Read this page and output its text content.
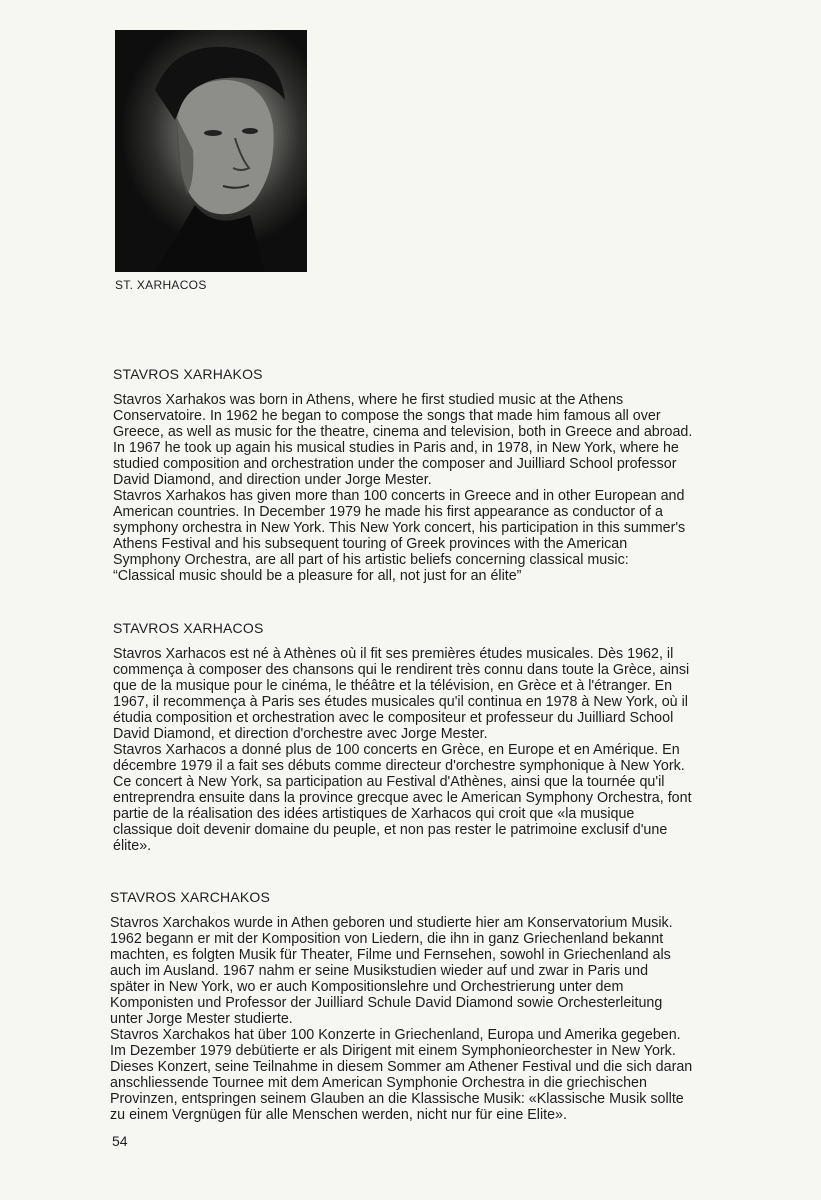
ST. XARHACOS
STAVROS XARHAKOS

Stavros Xarhakos was born in Athens, where he first studied music at the Athens
Conservatoire. In 1962 he began to compose the songs that made him famous all over
Greece, as well as music for the theatre, cinema and television, both in Greece and abroad.
In 1967 he took up again his musical studies in Paris and, in 1978, in New York, where he
studied composition and orchestration under the composer and Juilliard School professor
David Diamond, and direction under Jorge Mester.

Stavros Xarhakos has given more than 100 concerts in Greece and in other European and
American countries. In December 1979 he made his first appearance as conductor of a
symphony orchestra in New York. This New York concert, his participation in this summer's
Athens Festival and his subsequent touring of Greek provinces with the American
Symphony Orchestra, are all part of his artistic beliefs concerning classical music:
“Classical music should be a pleasure for all, not just for an élite”

STAVROS XARHACOS

Stavros Xarhacos est né à Athènes où il fit ses premières études musicales. Dès 1962, il
commença à composer des chansons qui le rendirent très connu dans toute la Grèce, ainsi
que de la musique pour le cinéma, le théâtre et la télévision, en Grèce et à l'étranger. En
1967, il recommença à Paris ses études musicales qu'il continua en 1978 à New York, où il
étudia composition et orchestration avec le compositeur et professeur du Juilliard School
David Diamond, et direction d'orchestre avec Jorge Mester.

Stavros Xarhacos a donné plus de 100 concerts en Grèce, en Europe et en Amérique. En
décembre 1979 il a fait ses débuts comme directeur d'orchestre symphonique à New York.
Ce concert à New York, sa participation au Festival d'Athènes, ainsi que la tournée qu'il
entreprendra ensuite dans la province grecque avec le American Symphony Orchestra, font
partie de la réalisation des idées artistiques de Xarhacos qui croit que «la musique
classique doit devenir domaine du peuple, et non pas rester le patrimoine exclusif d'une
élite».

STAVROS XARCHAKOS

Stavros Xarchakos wurde in Athen geboren und studierte hier am Konservatorium Musik.
1962 begann er mit der Komposition von Liedern, die ihn in ganz Griechenland bekannt
machten, es folgten Musik für Theater, Filme und Fernsehen, sowohl in Griechenland als
auch im Ausland. 1967 nahm er seine Musikstudien wieder auf und zwar in Paris und
später in New York, wo er auch Kompositionslehre und Orchestrierung unter dem
Komponisten und Professor der Juilliard Schule David Diamond sowie Orchesterleitung
unter Jorge Mester studierte.

Stavros Xarchakos hat über 100 Konzerte in Griechenland, Europa und Amerika gegeben.
Im Dezember 1979 debütierte er als Dirigent mit einem Symphonieorchester in New York.
Dieses Konzert, seine Teilnahme in diesem Sommer am Athener Festival und die sich daran
anschliessende Tournee mit dem American Symphonie Orchestra in die griechischen
Provinzen, entspringen seinem Glauben an die Klassische Musik: «Klassische Musik sollte
zu einem Vergnügen für alle Menschen werden, nicht nur für eine Elite».

54
